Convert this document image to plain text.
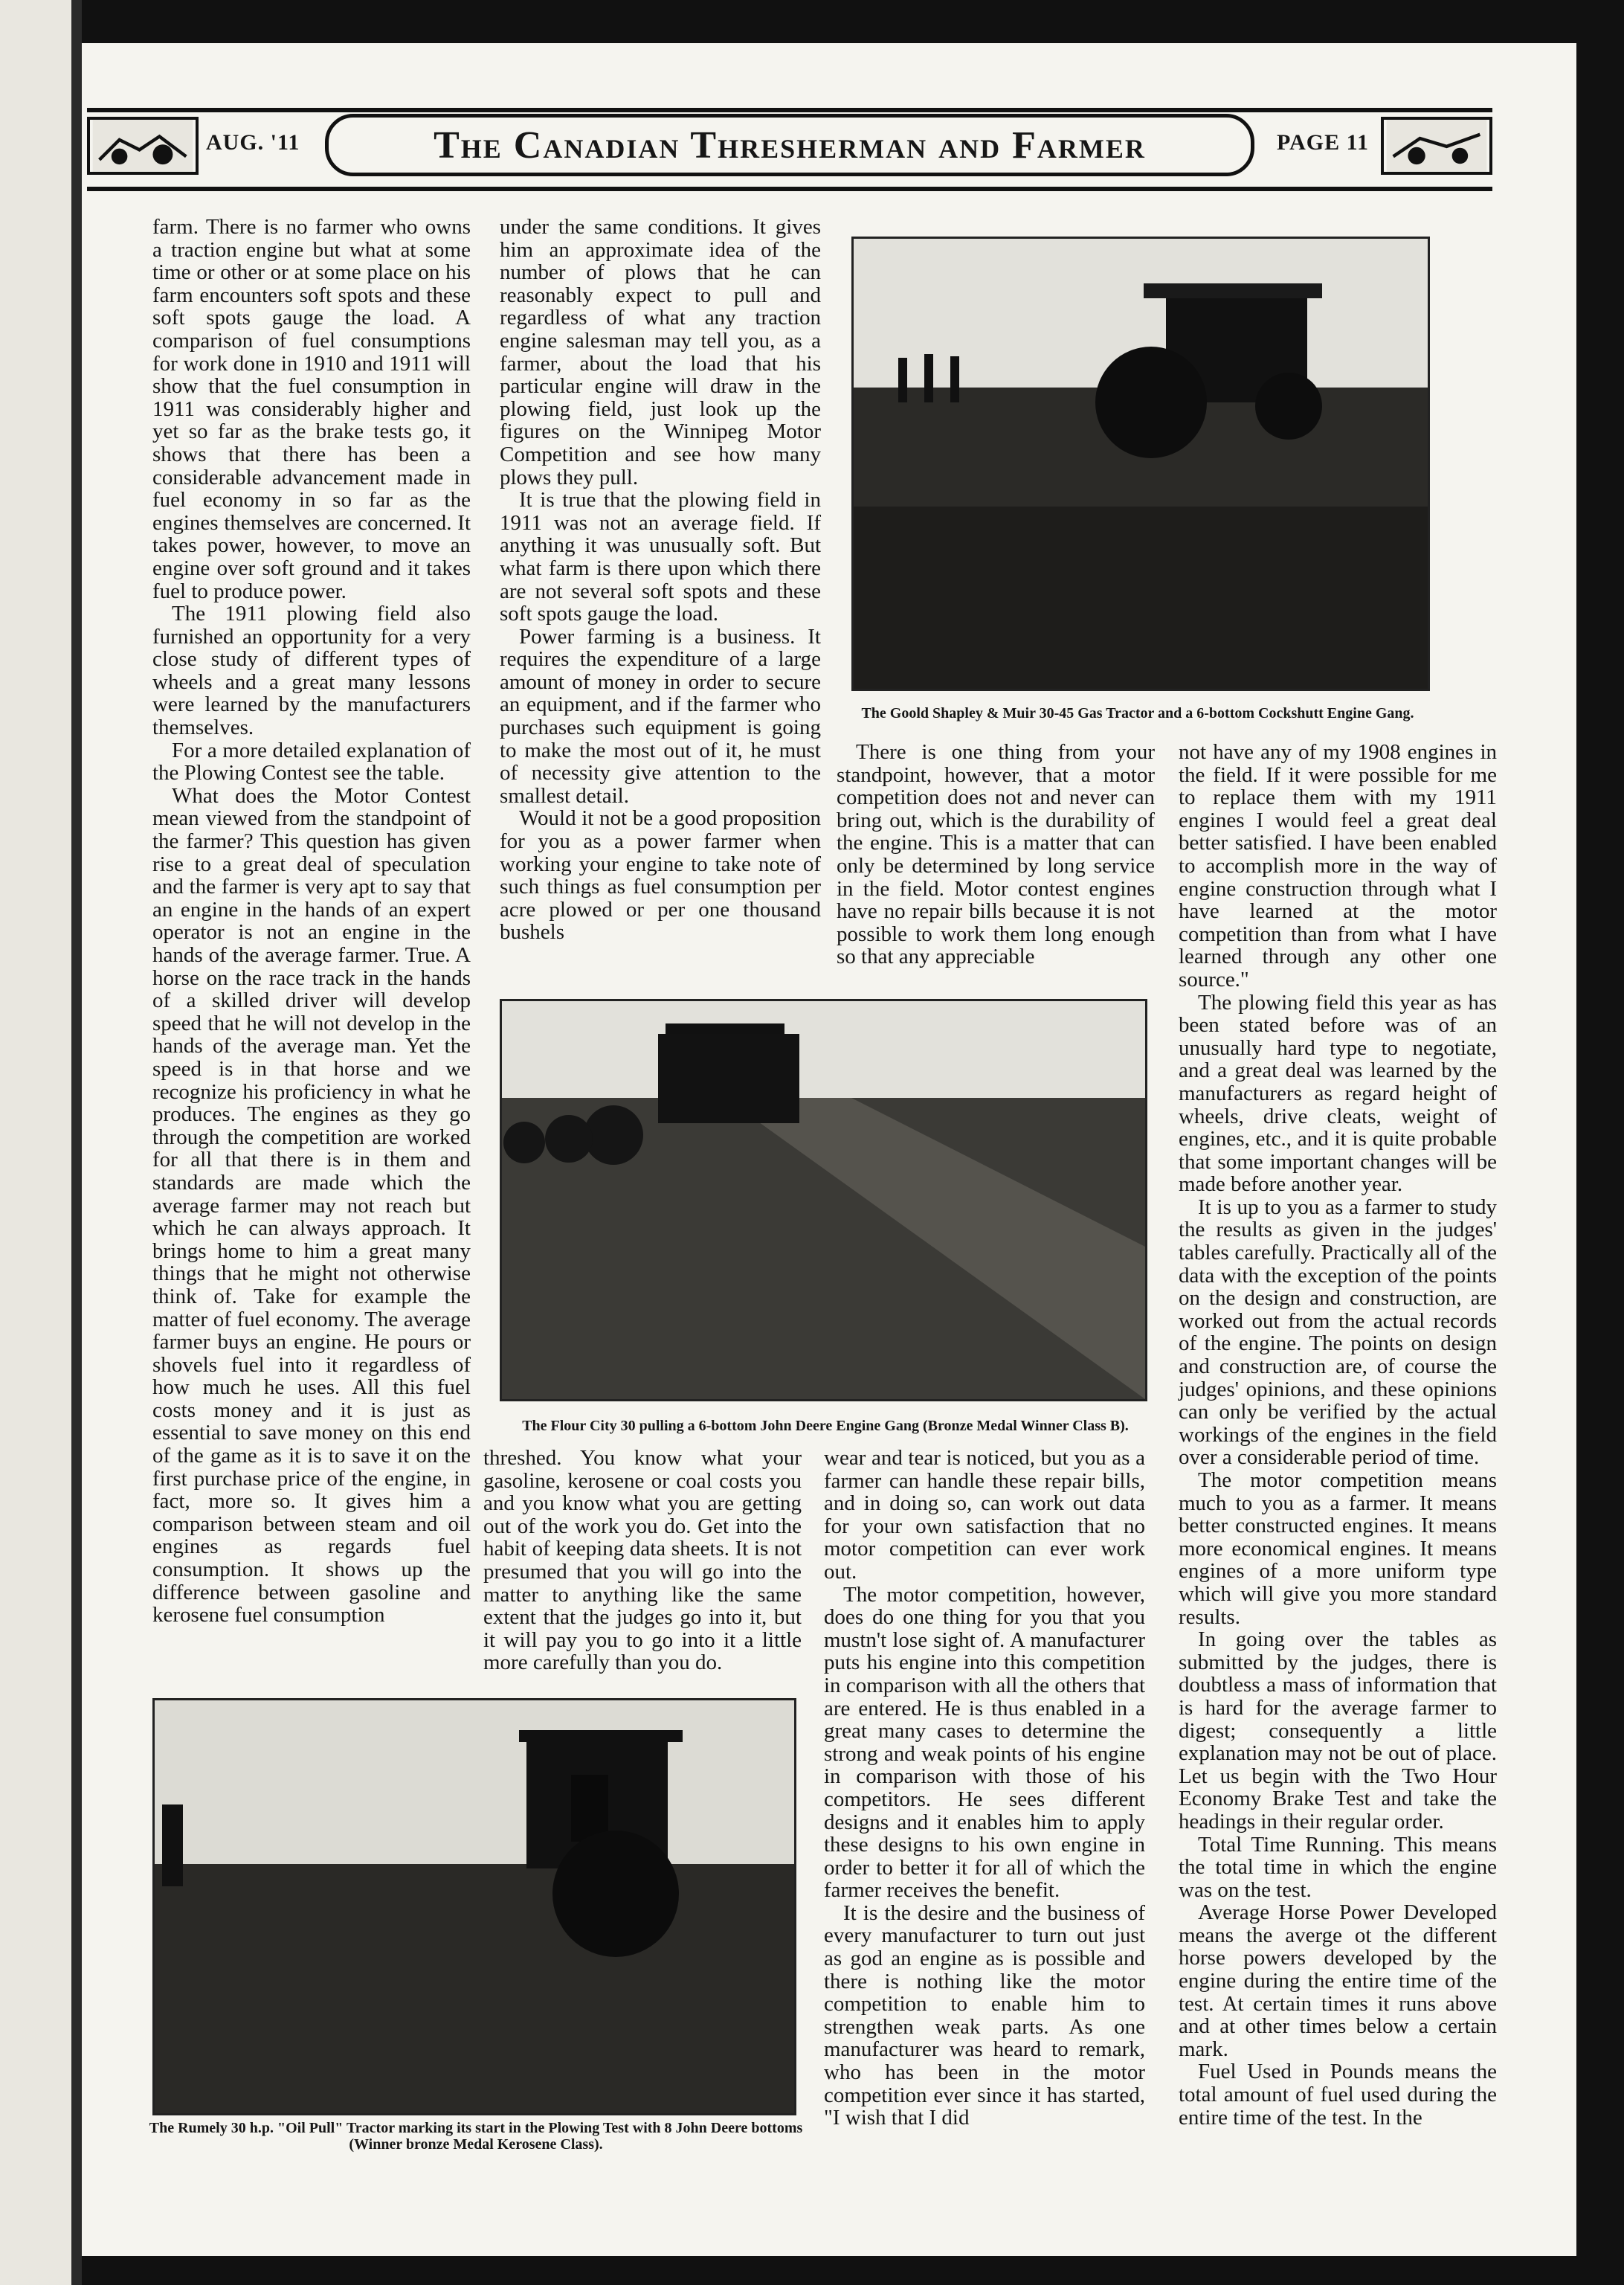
AUG. '11	The Canadian Thresherman and Farmer	PAGE 11
The Goold Shapley & Muir 30-45 Gas Tractor and a 6-bottom Cockshutt Engine Gang.
The Flour City 30 pulling a 6-bottom John Deere Engine Gang (Bronze Medal Winner Class B).
The Rumely 30 h.p. "Oil Pull" Tractor marking its start in the Plowing Test with 8 John Deere bottoms (Winner bronze Medal Kerosene Class).

farm. There is no farmer who owns a traction engine but what at some time or other or at some place on his farm encounters soft spots and these soft spots gauge the load. A comparison of fuel consumptions for work done in 1910 and 1911 will show that the fuel consumption in 1911 was considerably higher and yet so far as the brake tests go, it shows that there has been a considerable advancement made in fuel economy in so far as the engines themselves are concerned. It takes power, however, to move an engine over soft ground and it takes fuel to produce power.

The 1911 plowing field also furnished an opportunity for a very close study of different types of wheels and a great many lessons were learned by the manufacturers themselves.

For a more detailed explanation of the Plowing Contest see the table.

What does the Motor Contest mean viewed from the standpoint of the farmer? This question has given rise to a great deal of speculation and the farmer is very apt to say that an engine in the hands of an expert operator is not an engine in the hands of the average farmer. True. A horse on the race track in the hands of a skilled driver will develop speed that he will not develop in the hands of the average man. Yet the speed is in that horse and we recognize his proficiency in what he produces. The engines as they go through the competition are worked for all that there is in them and standards are made which the average farmer may not reach but which he can always approach. It brings home to him a great many things that he might not otherwise think of. Take for example the matter of fuel economy. The average farmer buys an engine. He pours or shovels fuel into it regardless of how much he uses. All this fuel costs money and it is just as essential to save money on this end of the game as it is to save it on the first purchase price of the engine, in fact, more so. It gives him a comparison between steam and oil engines as regards fuel consumption. It shows up the difference between gasoline and kerosene fuel consumption

under the same conditions. It gives him an approximate idea of the number of plows that he can reasonably expect to pull and regardless of what any traction engine salesman may tell you, as a farmer, about the load that his particular engine will draw in the plowing field, just look up the figures on the Winnipeg Motor Competition and see how many plows they pull.

It is true that the plowing field in 1911 was not an average field. If anything it was unusually soft. But what farm is there upon which there are not several soft spots and these soft spots gauge the load.

Power farming is a business. It requires the expenditure of a large amount of money in order to secure an equipment, and if the farmer who purchases such equipment is going to make the most out of it, he must of necessity give attention to the smallest detail.

Would it not be a good proposition for you as a power farmer when working your engine to take note of such things as fuel consumption per acre plowed or per one thousand bushels

threshed. You know what your gasoline, kerosene or coal costs you and you know what you are getting out of the work you do. Get into the habit of keeping data sheets. It is not presumed that you will go into the matter to anything like the same extent that the judges go into it, but it will pay you to go into it a little more carefully than you do.

There is one thing from your standpoint, however, that a motor competition does not and never can bring out, which is the durability of the engine. This is a matter that can only be determined by long service in the field. Motor contest engines have no repair bills because it is not possible to work them long enough so that any appreciable

wear and tear is noticed, but you as a farmer can handle these repair bills, and in doing so, can work out data for your own satisfaction that no motor competition can ever work out.

The motor competition, however, does do one thing for you that you mustn't lose sight of. A manufacturer puts his engine into this competition in comparison with all the others that are entered. He is thus enabled in a great many cases to determine the strong and weak points of his engine in comparison with those of his competitors. He sees different designs and it enables him to apply these designs to his own engine in order to better it for all of which the farmer receives the benefit.

It is the desire and the business of every manufacturer to turn out just as god an engine as is possible and there is nothing like the motor competition to enable him to strengthen weak parts. As one manufacturer was heard to remark, who has been in the motor competition ever since it has started, "I wish that I did

not have any of my 1908 engines in the field. If it were possible for me to replace them with my 1911 engines I would feel a great deal better satisfied. I have been enabled to accomplish more in the way of engine construction through what I have learned at the motor competition than from what I have learned through any other one source."

The plowing field this year as has been stated before was of an unusually hard type to negotiate, and a great deal was learned by the manufacturers as regard height of wheels, drive cleats, weight of engines, etc., and it is quite probable that some important changes will be made before another year.

It is up to you as a farmer to study the results as given in the judges' tables carefully. Practically all of the data with the exception of the points on the design and construction, are worked out from the actual records of the engine. The points on design and construction are, of course the judges' opinions, and these opinions can only be verified by the actual workings of the engines in the field over a considerable period of time.

The motor competition means much to you as a farmer. It means better constructed engines. It means more economical engines. It means engines of a more uniform type which will give you more standard results.

In going over the tables as submitted by the judges, there is doubtless a mass of information that is hard for the average farmer to digest; consequently a little explanation may not be out of place. Let us begin with the Two Hour Economy Brake Test and take the headings in their regular order.

Total Time Running. This means the total time in which the engine was on the test.

Average Horse Power Developed means the averge ot the different horse powers developed by the engine during the entire time of the test. At certain times it runs above and at other times below a certain mark.

Fuel Used in Pounds means the total amount of fuel used during the entire time of the test. In the
